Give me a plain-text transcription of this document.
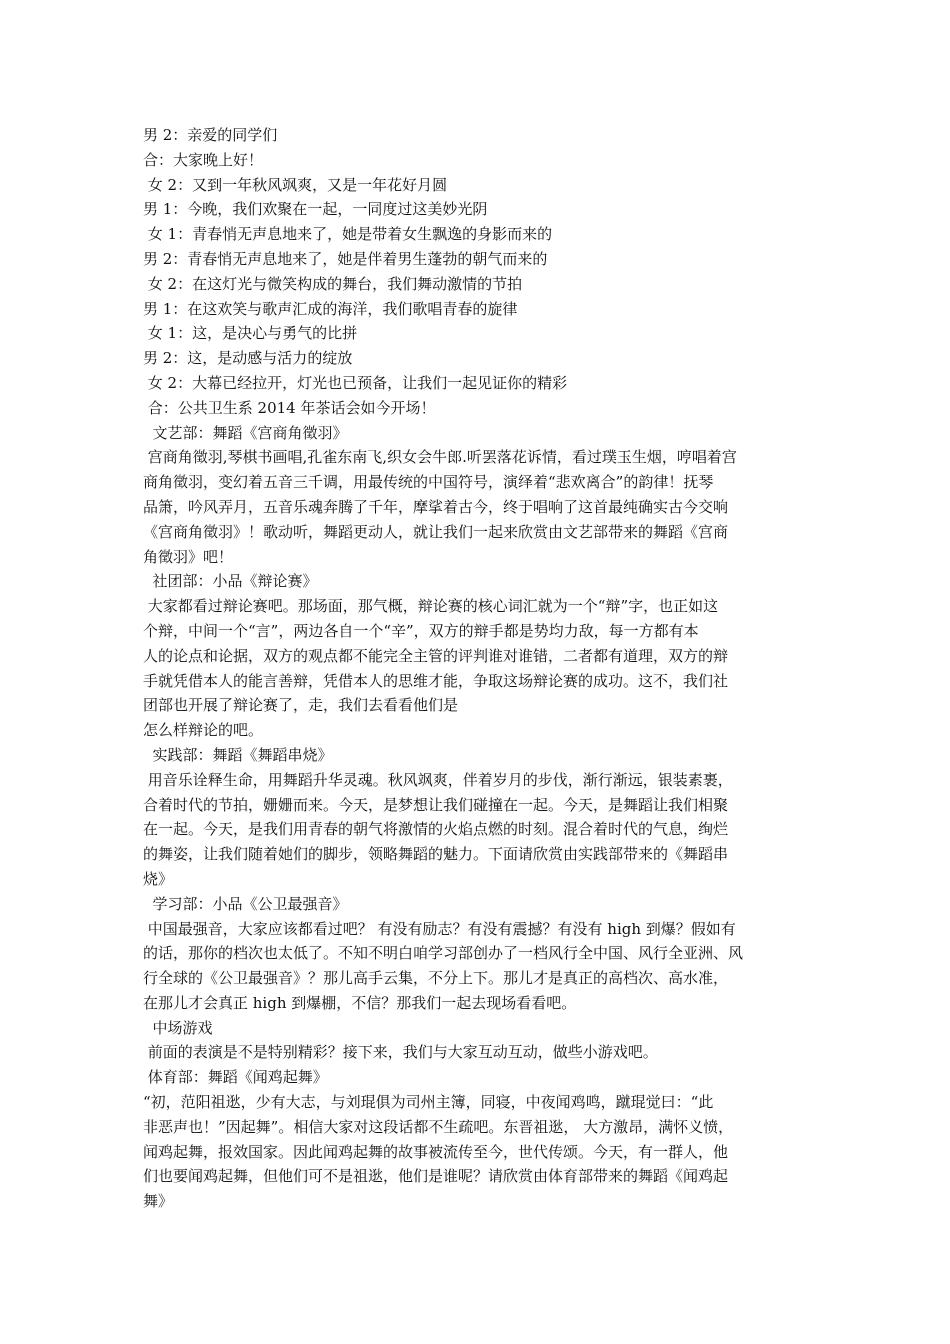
男 2：亲爱的同学们
合：大家晚上好！
女 2：又到一年秋风飒爽，又是一年花好月圆
男 1：今晚，我们欢聚在一起，一同度过这美妙光阴
女 1：青春悄无声息地来了，她是带着女生飘逸的身影而来的
男 2：青春悄无声息地来了，她是伴着男生蓬勃的朝气而来的
女 2：在这灯光与微笑构成的舞台，我们舞动激情的节拍
男 1：在这欢笑与歌声汇成的海洋，我们歌唱青春的旋律
女 1：这，是决心与勇气的比拼
男 2：这，是动感与活力的绽放
女 2：大幕已经拉开，灯光也已预备，让我们一起见证你的精彩
合：公共卫生系 2014 年茶话会如今开场！
文艺部：舞蹈《宫商角徵羽》
宫商角徵羽,琴棋书画唱,孔雀东南飞,织女会牛郎.听罢落花诉情，看过璞玉生烟，哼唱着宫
商角徵羽，变幻着五音三千调，用最传统的中国符号，演绎着“悲欢离合”的韵律！抚琴
品箫，吟风弄月，五音乐魂奔腾了千年，摩挲着古今，终于唱响了这首最纯确实古今交响
《宫商角徵羽》！歌动听，舞蹈更动人，就让我们一起来欣赏由文艺部带来的舞蹈《宫商
角徵羽》吧！
社团部：小品《辩论赛》
大家都看过辩论赛吧。那场面，那气概，辩论赛的核心词汇就为一个“辩”字，也正如这
个辩，中间一个“言”，两边各自一个“辛”，双方的辩手都是势均力敌，每一方都有本
人的论点和论据，双方的观点都不能完全主管的评判谁对谁错，二者都有道理，双方的辩
手就凭借本人的能言善辩，凭借本人的思维才能，争取这场辩论赛的成功。这不，我们社
团部也开展了辩论赛了，走，我们去看看他们是
怎么样辩论的吧。
实践部：舞蹈《舞蹈串烧》
用音乐诠释生命，用舞蹈升华灵魂。秋风飒爽，伴着岁月的步伐，渐行渐远，银装素裹，
合着时代的节拍，姗姗而来。今天，是梦想让我们碰撞在一起。今天，是舞蹈让我们相聚
在一起。今天，是我们用青春的朝气将激情的火焰点燃的时刻。混合着时代的气息，绚烂
的舞姿，让我们随着她们的脚步，领略舞蹈的魅力。下面请欣赏由实践部带来的《舞蹈串
烧》
学习部：小品《公卫最强音》
中国最强音，大家应该都看过吧？ 有没有励志？有没有震撼？有没有 high 到爆？假如有
的话，那你的档次也太低了。不知不明白咱学习部创办了一档风行全中国、风行全亚洲、风
行全球的《公卫最强音》？那儿高手云集，不分上下。那儿才是真正的高档次、高水准，
在那儿才会真正 high 到爆棚，不信？那我们一起去现场看看吧。
中场游戏
前面的表演是不是特别精彩？接下来，我们与大家互动互动，做些小游戏吧。
体育部：舞蹈《闻鸡起舞》
“初，范阳祖逖，少有大志，与刘琨俱为司州主簿，同寝，中夜闻鸡鸣，蹴琨觉曰：“此
非恶声也！”因起舞”。相信大家对这段话都不生疏吧。东晋祖逖， 大方激昂，满怀义愤，
闻鸡起舞，报效国家。因此闻鸡起舞的故事被流传至今，世代传颂。今天，有一群人，他
们也要闻鸡起舞，但他们可不是祖逖，他们是谁呢？请欣赏由体育部带来的舞蹈《闻鸡起
舞》
